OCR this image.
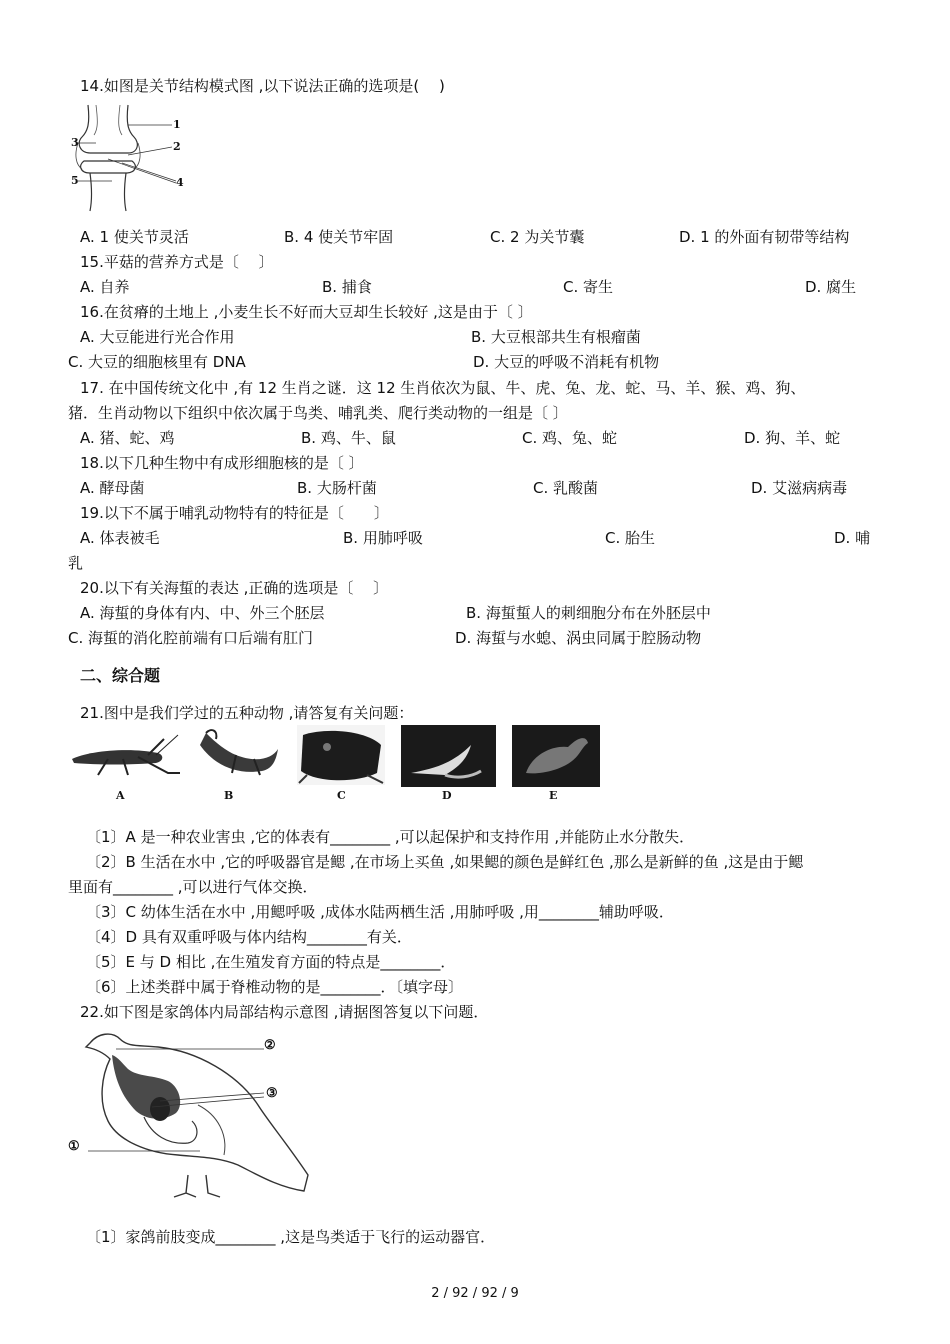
14.如图是关节结构模式图 ,以下说法正确的选项是(　 )
1
2
3
4
5
A. 1 使关节灵活	B. 4 使关节牢固	C. 2 为关节囊	D. 1 的外面有韧带等结构
15.平菇的营养方式是〔　 〕
A. 自养	B. 捕食	C. 寄生	D. 腐生
16.在贫瘠的土地上 ,小麦生长不好而大豆却生长较好 ,这是由于〔 〕
A. 大豆能进行光合作用	B. 大豆根部共生有根瘤菌
C. 大豆的细胞核里有 DNA	D. 大豆的呼吸不消耗有机物
17. 在中国传统文化中 ,有 12 生肖之谜．这 12 生肖依次为鼠、牛、虎、兔、龙、蛇、马、羊、猴、鸡、狗、
猪．生肖动物以下组织中依次属于鸟类、哺乳类、爬行类动物的一组是〔 〕
A. 猪、蛇、鸡	B. 鸡、牛、鼠	C. 鸡、兔、蛇	D. 狗、羊、蛇
18.以下几种生物中有成形细胞核的是〔 〕
A. 酵母菌	B. 大肠杆菌	C. 乳酸菌	D. 艾滋病病毒
19.以下不属于哺乳动物特有的特征是〔　　〕
A. 体表被毛	B. 用肺呼吸	C. 胎生	D. 哺
乳
20.以下有关海蜇的表达 ,正确的选项是〔　 〕
A. 海蜇的身体有内、中、外三个胚层	B. 海蜇蜇人的刺细胞分布在外胚层中
C. 海蜇的消化腔前端有口后端有肛门	D. 海蜇与水螅、涡虫同属于腔肠动物
二、综合题
21.图中是我们学过的五种动物 ,请答复有关问题：
A	B	C	D	E
〔1〕A 是一种农业害虫 ,它的体表有________ ,可以起保护和支持作用 ,并能防止水分散失．
〔2〕B 生活在水中 ,它的呼吸器官是鳃 ,在市场上买鱼 ,如果鳃的颜色是鲜红色 ,那么是新鲜的鱼 ,这是由于鳃
里面有________ ,可以进行气体交换．
〔3〕C 幼体生活在水中 ,用鳃呼吸 ,成体水陆两栖生活 ,用肺呼吸 ,用________辅助呼吸．
〔4〕D 具有双重呼吸与体内结构________有关．
〔5〕E 与 D 相比 ,在生殖发育方面的特点是________．
〔6〕上述类群中属于脊椎动物的是________．〔填字母〕
22.如下图是家鸽体内局部结构示意图 ,请据图答复以下问题．
②
③
①
〔1〕家鸽前肢变成________ ,这是鸟类适于飞行的运动器官．
2 / 92 / 92 / 9
